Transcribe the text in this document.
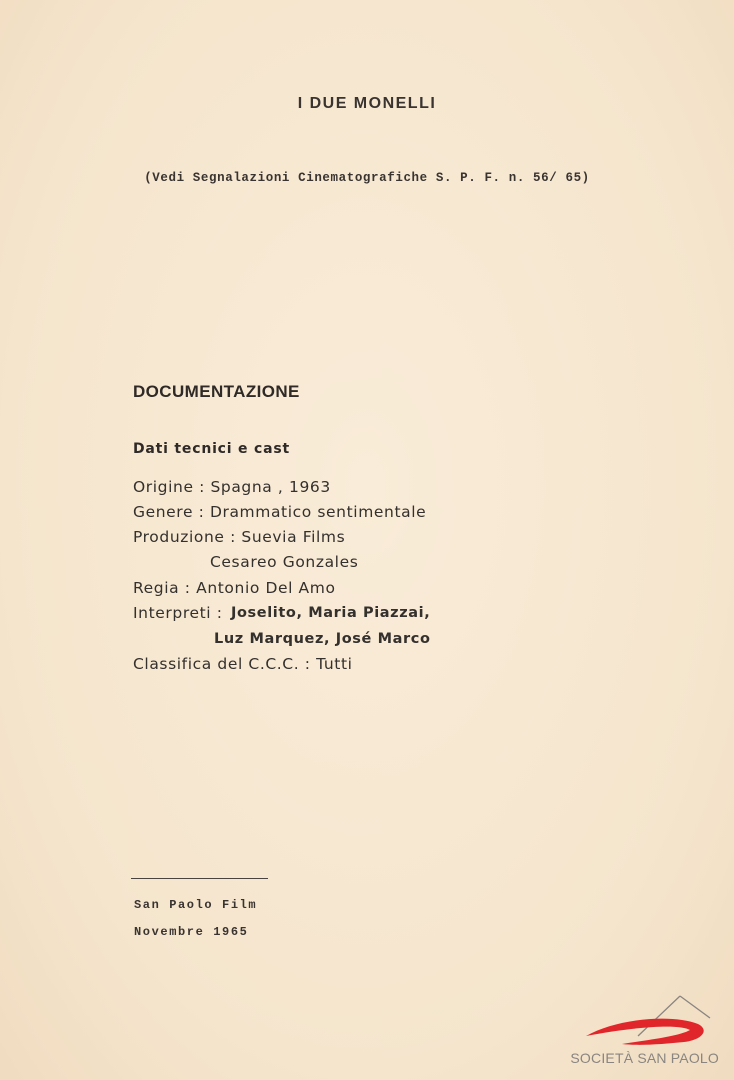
I DUE MONELLI
(Vedi Segnalazioni Cinematografiche S. P. F. n. 56/ 65)
DOCUMENTAZIONE
Dati tecnici e cast
Origine : Spagna , 1963
Genere : Drammatico sentimentale
Produzione : Suevia Films
Cesareo Gonzales
Regia : Antonio Del Amo
Interpreti : Joselito, Maria Piazzai,
Luz Marquez, José Marco
Classifica del C.C.C. : Tutti
San Paolo Film
Novembre 1965
SOCIETÀ SAN PAOLO
